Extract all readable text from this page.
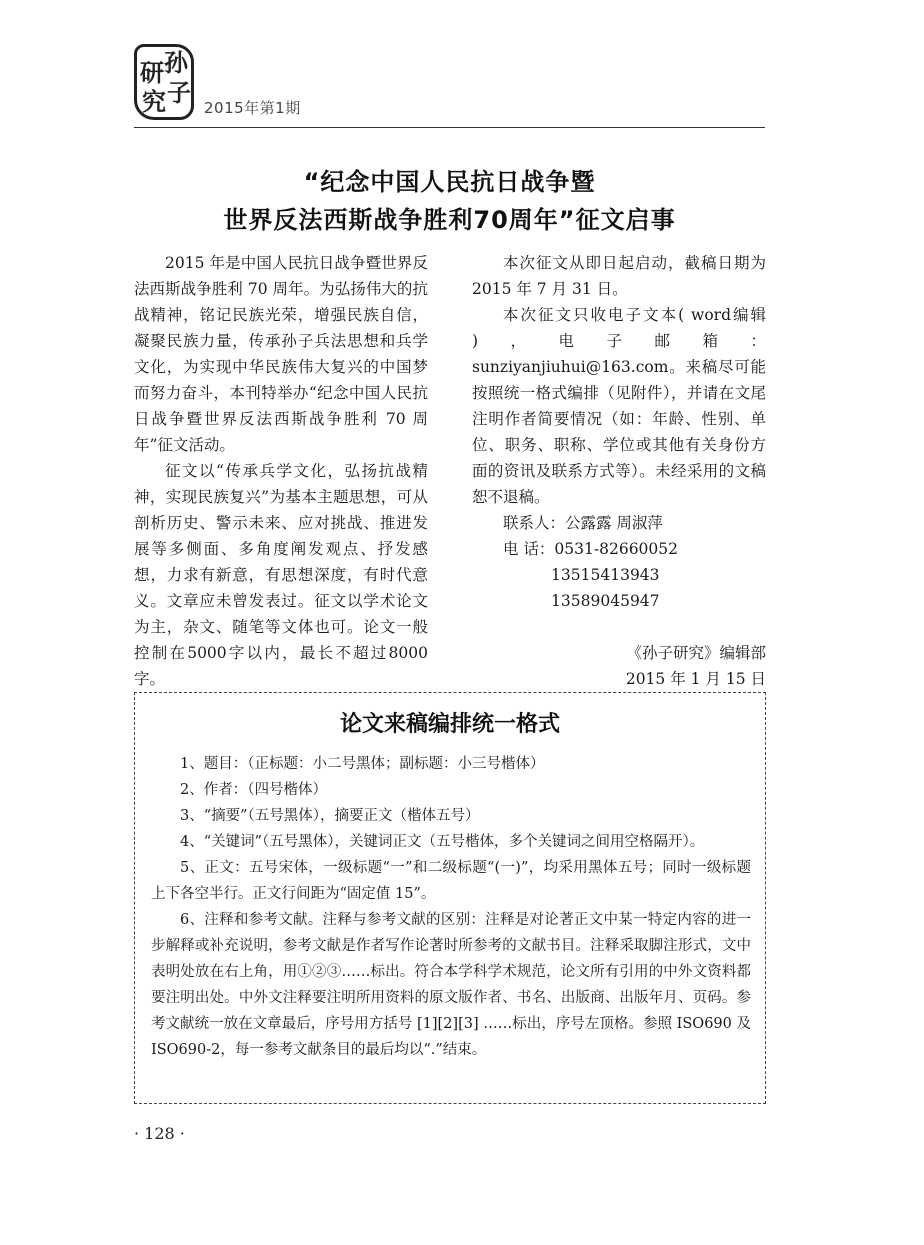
孙
子
研
究	2015年第1期
“纪念中国人民抗日战争暨
世界反法西斯战争胜利70周年”征文启事

2015 年是中国人民抗日战争暨世界反法西斯战争胜利 70 周年。为弘扬伟大的抗战精神，铭记民族光荣，增强民族自信，凝聚民族力量，传承孙子兵法思想和兵学文化，为实现中华民族伟大复兴的中国梦而努力奋斗，本刊特举办“纪念中国人民抗日战争暨世界反法西斯战争胜利 70 周年”征文活动。

征文以“传承兵学文化，弘扬抗战精神，实现民族复兴”为基本主题思想，可从剖析历史、警示未来、应对挑战、推进发展等多侧面、多角度阐发观点、抒发感想，力求有新意，有思想深度，有时代意义。文章应未曾发表过。征文以学术论文为主，杂文、随笔等文体也可。论文一般控制在5000字以内，最长不超过8000 字。

本次征文从即日起启动，截稿日期为 2015 年 7 月 31 日。

本次征文只收电子文本( word编辑 )，电子邮箱：sunziyanjiuhui@163.com。来稿尽可能按照统一格式编排（见附件），并请在文尾注明作者简要情况（如：年龄、性别、单位、职务、职称、学位或其他有关身份方面的资讯及联系方式等）。未经采用的文稿恕不退稿。

联系人：公露露 周淑萍

电 话：0531-82660052

13515413943

13589045947

《孙子研究》编辑部

2015 年 1 月 15 日

论文来稿编排统一格式

1、题目：（正标题：小二号黑体；副标题：小三号楷体）

2、作者：（四号楷体）

3、“摘要”（五号黑体），摘要正文（楷体五号）

4、“关键词”（五号黑体），关键词正文（五号楷体，多个关键词之间用空格隔开）。

5、正文：五号宋体，一级标题“一”和二级标题“(一)”，均采用黑体五号；同时一级标题上下各空半行。正文行间距为“固定值 15”。

6、注释和参考文献。注释与参考文献的区别：注释是对论著正文中某一特定内容的进一步解释或补充说明，参考文献是作者写作论著时所参考的文献书目。注释采取脚注形式，文中表明处放在右上角，用①②③……标出。符合本学科学术规范，论文所有引用的中外文资料都要注明出处。中外文注释要注明所用资料的原文版作者、书名、出版商、出版年月、页码。参考文献统一放在文章最后，序号用方括号 [1][2][3] ……标出，序号左顶格。参照 ISO690 及 ISO690-2，每一参考文献条目的最后均以“.”结束。

· 128 ·
